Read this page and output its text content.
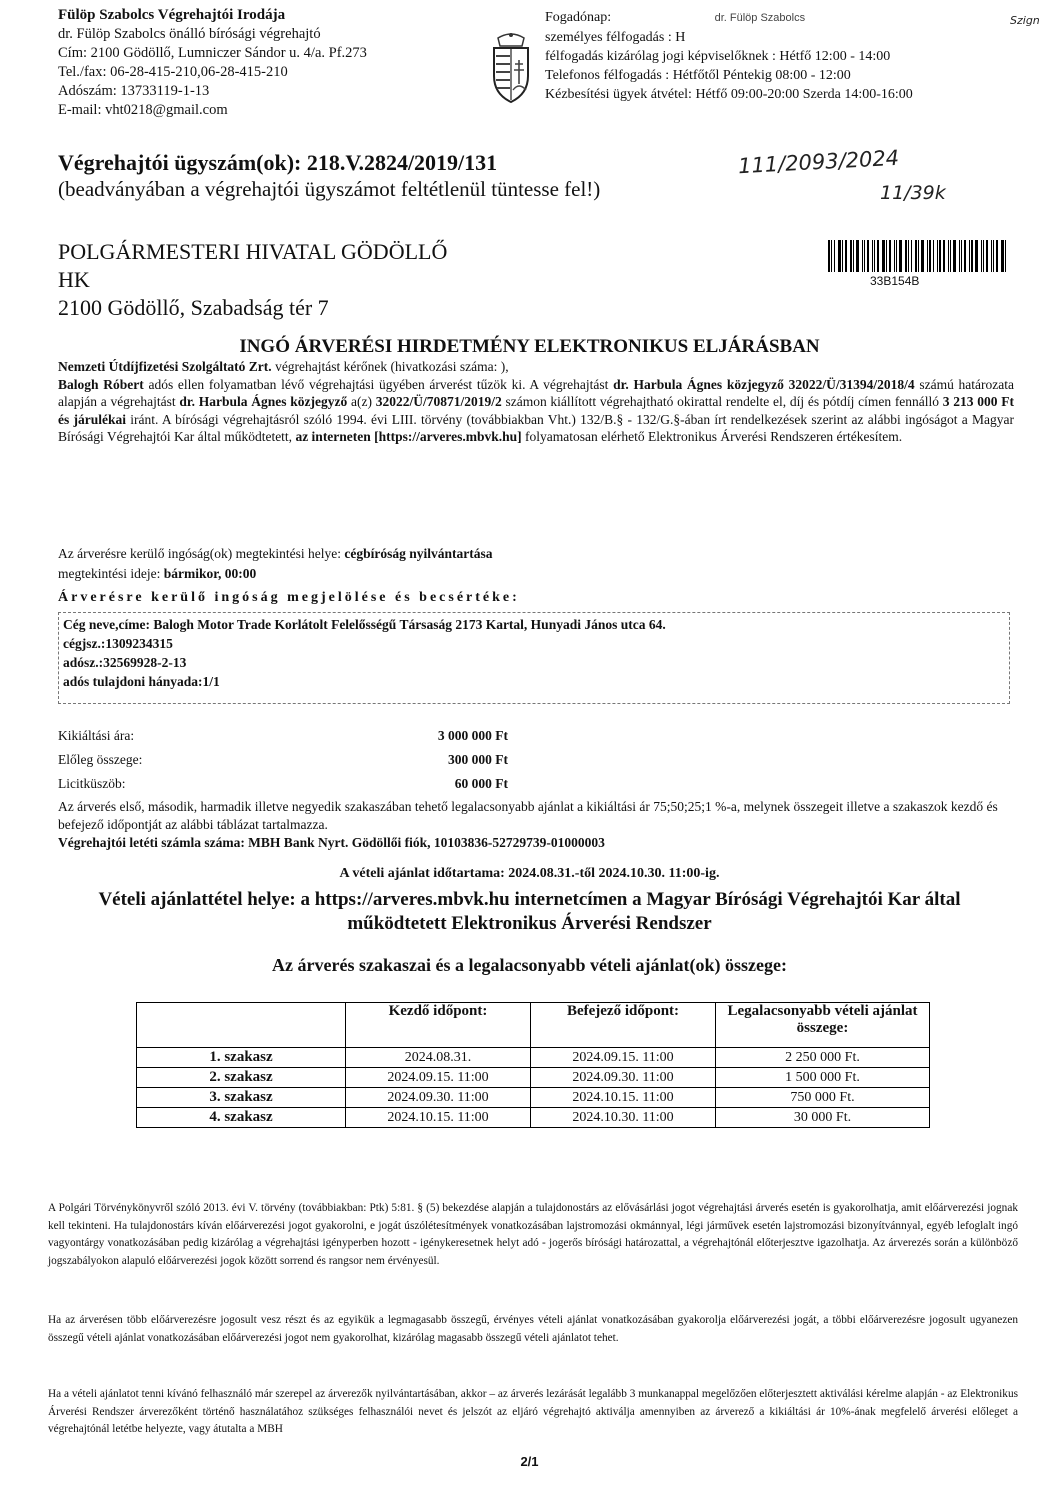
Fülöp Szabolcs Végrehajtói Irodája
dr. Fülöp Szabolcs önálló bírósági végrehajtó
Cím: 2100 Gödöllő, Lumniczer Sándor u. 4/a. Pf.273
Tel./fax: 06-28-415-210,06-28-415-210
Adószám: 13733119-1-13
E-mail: vht0218@gmail.com
Fogadónap:	dr. Fülöp Szabolcs
személyes félfogadás : H
félfogadás kizárólag jogi képviselőknek : Hétfő 12:00 - 14:00
Telefonos félfogadás : Hétfőtől Péntekig 08:00 - 12:00
Kézbesítési ügyek átvétel: Hétfő 09:00-20:00 Szerda 14:00-16:00
Szign
Végrehajtói ügyszám(ok): 218.V.2824/2019/131
(beadványában a végrehajtói ügyszámot feltétlenül tüntesse fel!)
111/2093/2024
11/39k
POLGÁRMESTERI HIVATAL GÖDÖLLŐ
HK
2100 Gödöllő, Szabadság tér 7
33B154B
INGÓ ÁRVERÉSI HIRDETMÉNY ELEKTRONIKUS ELJÁRÁSBAN
Nemzeti Útdíjfizetési Szolgáltató Zrt. végrehajtást kérőnek (hivatkozási száma: ),
Balogh Róbert adós ellen folyamatban lévő végrehajtási ügyében árverést tűzök ki. A végrehajtást dr. Harbula Ágnes közjegyző 32022/Ü/31394/2018/4 számú határozata alapján a végrehajtást dr. Harbula Ágnes közjegyző a(z) 32022/Ü/70871/2019/2 számon kiállított végrehajtható okirattal rendelte el, díj és pótdíj címen fennálló 3 213 000 Ft és járulékai iránt. A bírósági végrehajtásról szóló 1994. évi LIII. törvény (továbbiakban Vht.) 132/B.§ - 132/G.§-ában írt rendelkezések szerint az alábbi ingóságot a Magyar Bírósági Végrehajtói Kar által működtetett, az interneten [https://arveres.mbvk.hu] folyamatosan elérhető Elektronikus Árverési Rendszeren értékesítem.
Az árverésre kerülő ingóság(ok) megtekintési helye: cégbíróság nyilvántartása
megtekintési ideje: bármikor, 00:00
Árverésre kerülő ingóság megjelölése és becsértéke:
Cég neve,címe: Balogh Motor Trade Korlátolt Felelősségű Társaság 2173 Kartal, Hunyadi János utca 64.
cégjsz.:1309234315
adósz.:32569928-2-13
adós tulajdoni hányada:1/1
Kikiáltási ára:	3 000 000 Ft
Előleg összege:	300 000 Ft
Licitküszöb:	60 000 Ft
Az árverés első, második, harmadik illetve negyedik szakaszában tehető legalacsonyabb ajánlat a kikiáltási ár 75;50;25;1 %-a, melynek összegeit illetve a szakaszok kezdő és befejező időpontját az alábbi táblázat tartalmazza.
Végrehajtói letéti számla száma: MBH Bank Nyrt. Gödöllői fiók, 10103836-52729739-01000003
A vételi ajánlat időtartama: 2024.08.31.-től 2024.10.30. 11:00-ig.
Vételi ajánlattétel helye: a https://arveres.mbvk.hu internetcímen a Magyar Bírósági Végrehajtói Kar által
működtetett Elektronikus Árverési Rendszer
Az árverés szakaszai és a legalacsonyabb vételi ajánlat(ok) összege:
	Kezdő időpont:	Befejező időpont:	Legalacsonyabb vételi ajánlat összege:
1. szakasz	2024.08.31.	2024.09.15. 11:00	2 250 000 Ft.
2. szakasz	2024.09.15. 11:00	2024.09.30. 11:00	1 500 000 Ft.
3. szakasz	2024.09.30. 11:00	2024.10.15. 11:00	750 000 Ft.
4. szakasz	2024.10.15. 11:00	2024.10.30. 11:00	30 000 Ft.
A Polgári Törvénykönyvről szóló 2013. évi V. törvény (továbbiakban: Ptk) 5:81. § (5) bekezdése alapján a tulajdonostárs az elővásárlási jogot végrehajtási árverés esetén is gyakorolhatja, amit előárverezési jognak kell tekinteni. Ha tulajdonostárs kíván előárverezési jogot gyakorolni, e jogát úszólétesítmények vonatkozásában lajstromozási okmánnyal, légi járművek esetén lajstromozási bizonyítvánnyal, egyéb lefoglalt ingó vagyontárgy vonatkozásában pedig kizárólag a végrehajtási igényperben hozott - igénykeresetnek helyt adó - jogerős bírósági határozattal, a végrehajtónál előterjesztve igazolhatja. Az árverezés során a különböző jogszabályokon alapuló előárverezési jogok között sorrend és rangsor nem érvényesül.
Ha az árverésen több előárverezésre jogosult vesz részt és az egyikük a legmagasabb összegű, érvényes vételi ajánlat vonatkozásában gyakorolja előárverezési jogát, a többi előárverezésre jogosult ugyanezen összegű vételi ajánlat vonatkozásában előárverezési jogot nem gyakorolhat, kizárólag magasabb összegű vételi ajánlatot tehet.
Ha a vételi ajánlatot tenni kívánó felhasználó már szerepel az árverezők nyilvántartásában, akkor – az árverés lezárását legalább 3 munkanappal megelőzően előterjesztett aktiválási kérelme alapján - az Elektronikus Árverési Rendszer árverezőként történő használatához szükséges felhasználói nevet és jelszót az eljáró végrehajtó aktiválja amennyiben az árverező a kikiáltási ár 10%-ának megfelelő árverési előleget a végrehajtónál letétbe helyezte, vagy átutalta a MBH
2/1
